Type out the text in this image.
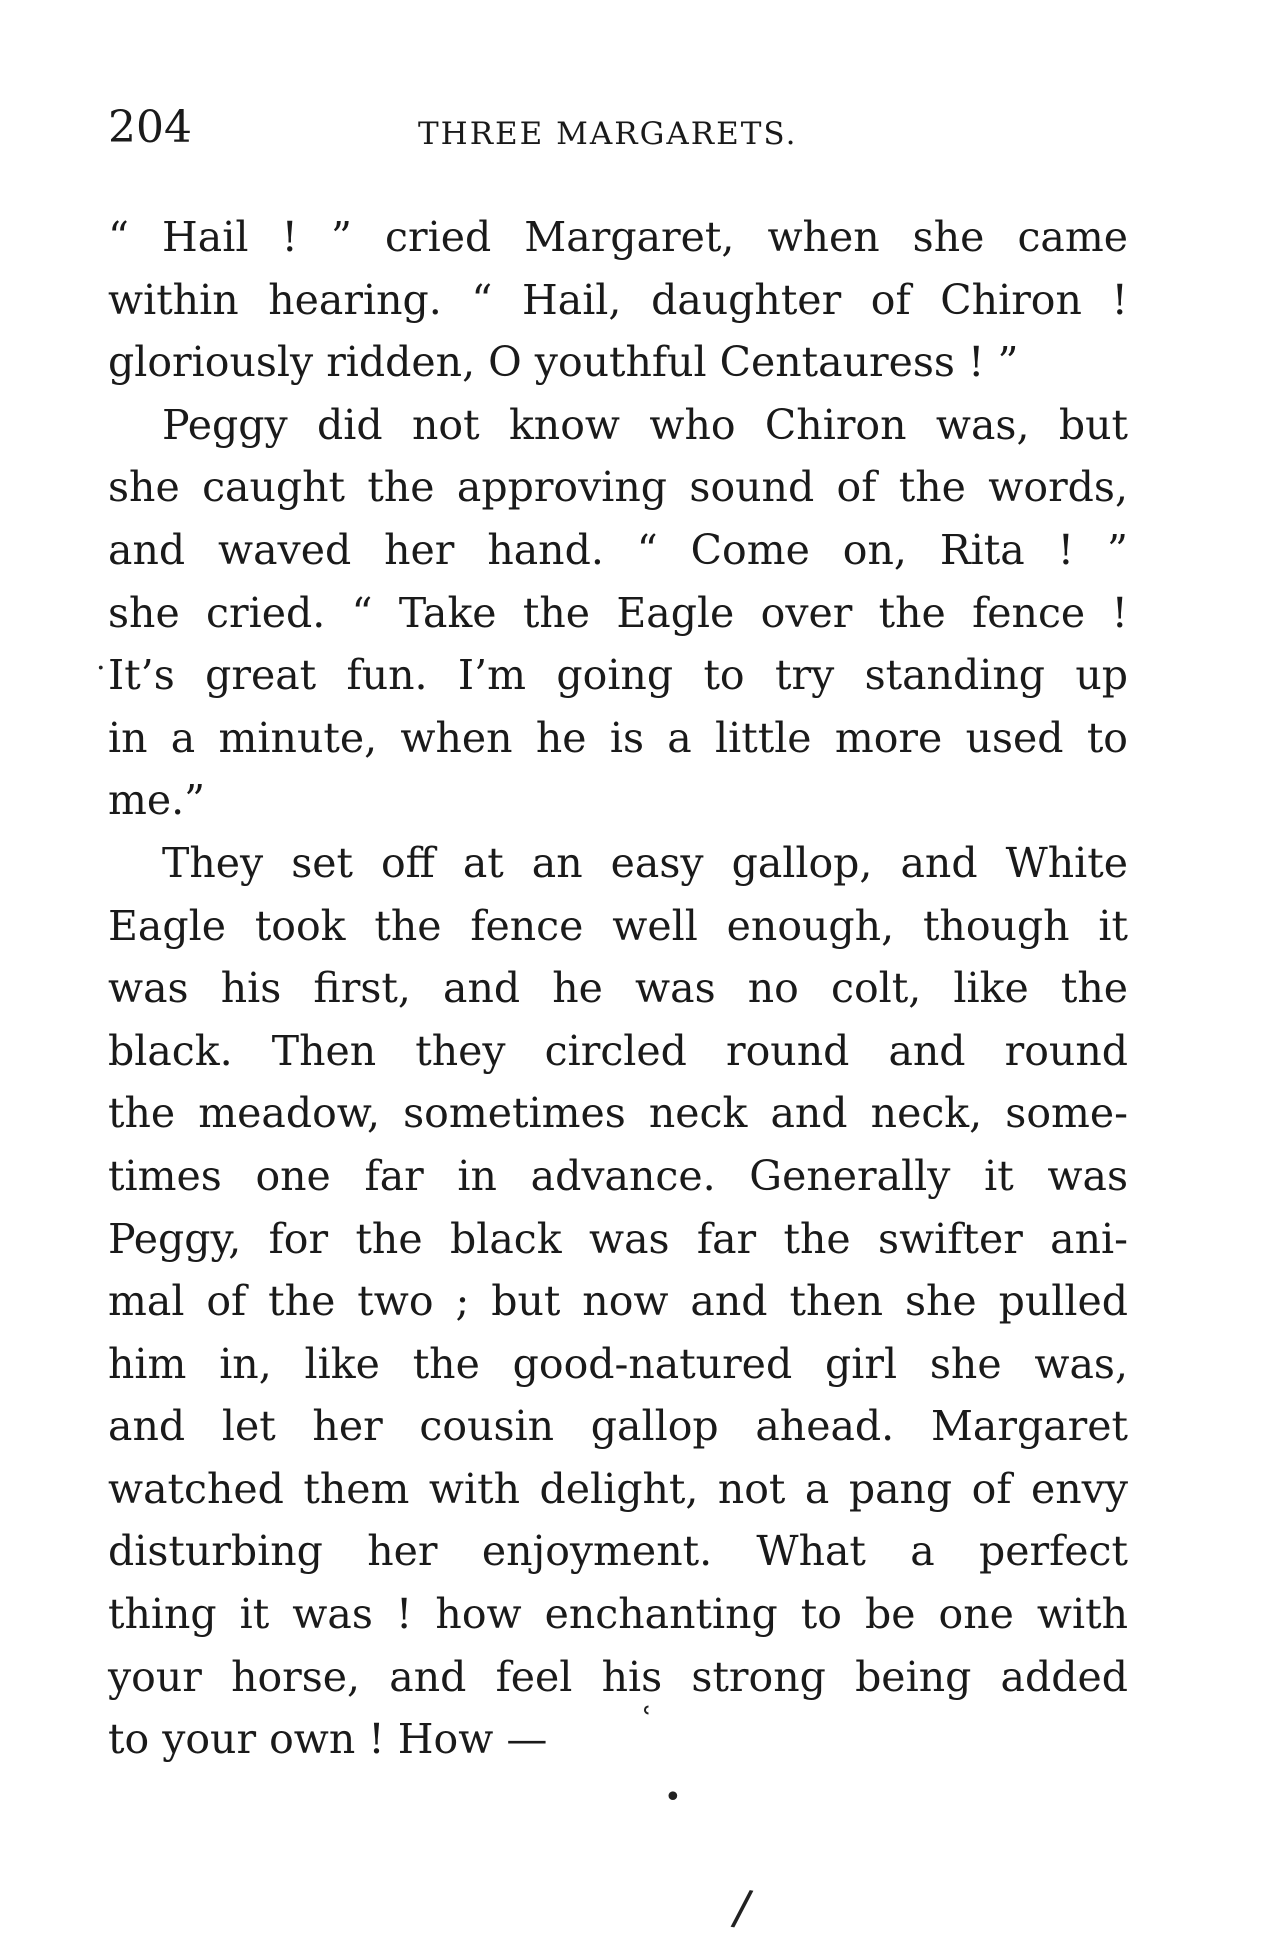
204	THREE MARGARETS.
“ Hail ! ” cried Margaret, when she came
within hearing. “ Hail, daughter of Chiron !
gloriously ridden, O youthful Centauress ! ”
Peggy did not know who Chiron was, but
she caught the approving sound of the words,
and waved her hand. “ Come on, Rita ! ”
she cried. “ Take the Eagle over the fence !
It’s great fun. I’m going to try standing up
in a minute, when he is a little more used to
me.”
They set off at an easy gallop, and White
Eagle took the fence well enough, though it
was his first, and he was no colt, like the
black. Then they circled round and round
the meadow, sometimes neck and neck, some-
times one far in advance. Generally it was
Peggy, for the black was far the swifter ani-
mal of the two ; but now and then she pulled
him in, like the good-natured girl she was,
and let her cousin gallop ahead. Margaret
watched them with delight, not a pang of envy
disturbing her enjoyment. What a perfect
thing it was ! how enchanting to be one with
your horse, and feel his strong being added
to your own ! How —
.
ʿ
•
/
